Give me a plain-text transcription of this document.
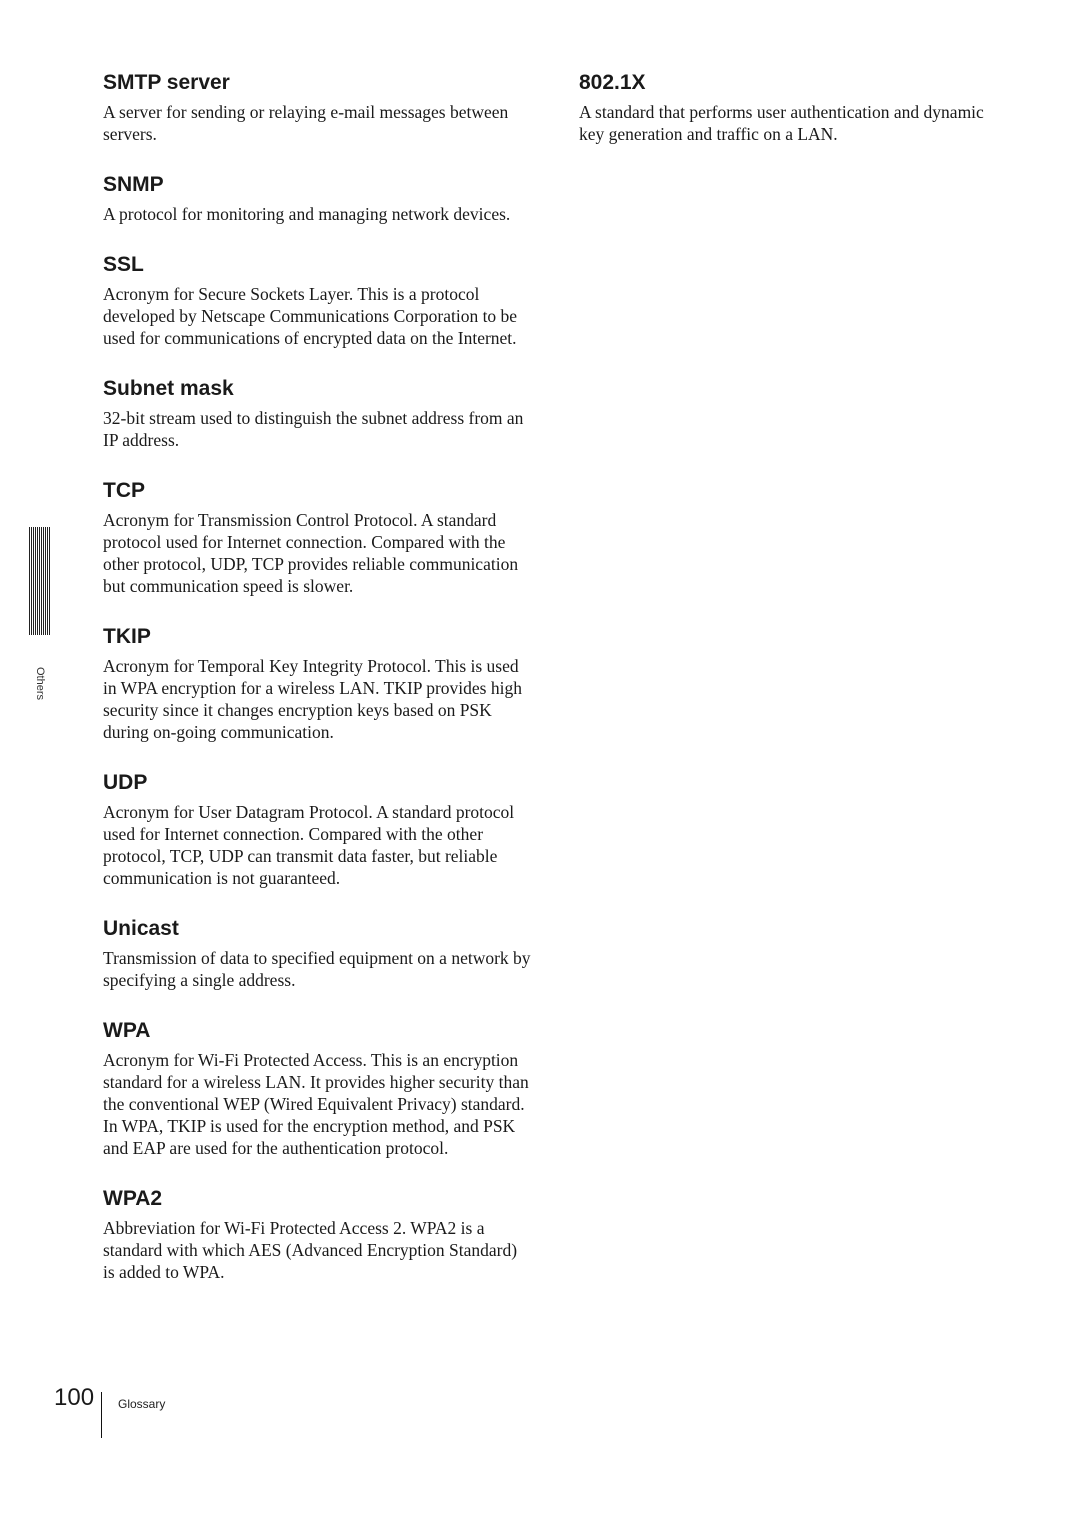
SMTP server

A server for sending or relaying e-mail messages between servers.

SNMP

A protocol for monitoring and managing network devices.

SSL

Acronym for Secure Sockets Layer. This is a protocol developed by Netscape Communications Corporation to be used for communications of encrypted data on the Internet.

Subnet mask

32-bit stream used to distinguish the subnet address from an IP address.

TCP

Acronym for Transmission Control Protocol. A standard protocol used for Internet connection. Compared with the other protocol, UDP, TCP provides reliable communication but communication speed is slower.

TKIP

Acronym for Temporal Key Integrity Protocol. This is used in WPA encryption for a wireless LAN. TKIP provides high security since it changes encryption keys based on PSK during on-going communication.

UDP

Acronym for User Datagram Protocol. A standard protocol used for Internet connection. Compared with the other protocol, TCP, UDP can transmit data faster, but reliable communication is not guaranteed.

Unicast

Transmission of data to specified equipment on a network by specifying a single address.

WPA

Acronym for Wi-Fi Protected Access. This is an encryption standard for a wireless LAN. It provides higher security than the conventional WEP (Wired Equivalent Privacy) standard. In WPA, TKIP is used for the encryption method, and PSK and EAP are used for the authentication protocol.

WPA2

Abbreviation for Wi-Fi Protected Access 2. WPA2 is a standard with which AES (Advanced Encryption Standard) is added to WPA.

802.1X

A standard that performs user authentication and dynamic key generation and traffic on a LAN.

Others
100 Glossary
